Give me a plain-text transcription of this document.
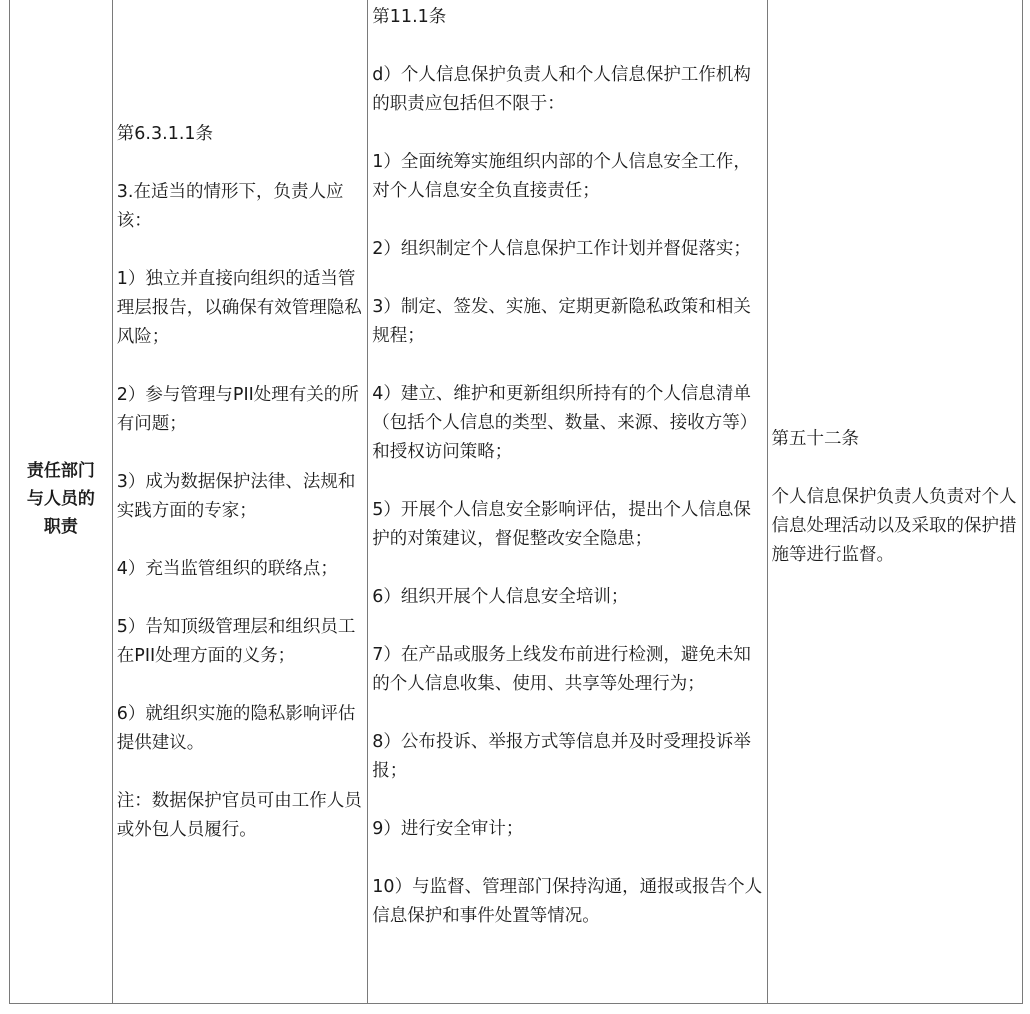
责任部门
与人员的
职责

第6.3.1.1条

3.在适当的情形下，负责人应该：

1）独立并直接向组织的适当管理层报告，以确保有效管理隐私风险；

2）参与管理与PII处理有关的所有问题；

3）成为数据保护法律、法规和实践方面的专家；

4）充当监管组织的联络点；

5）告知顶级管理层和组织员工在PII处理方面的义务；

6）就组织实施的隐私影响评估提供建议。

注：数据保护官员可由工作人员或外包人员履行。

第11.1条

d）个人信息保护负责人和个人信息保护工作机构的职责应包括但不限于：

1）全面统筹实施组织内部的个人信息安全工作，对个人信息安全负直接责任；

2）组织制定个人信息保护工作计划并督促落实；

3）制定、签发、实施、定期更新隐私政策和相关规程；

4）建立、维护和更新组织所持有的个人信息清单（包括个人信息的类型、数量、来源、接收方等）和授权访问策略；

5）开展个人信息安全影响评估，提出个人信息保护的对策建议，督促整改安全隐患；

6）组织开展个人信息安全培训；

7）在产品或服务上线发布前进行检测，避免未知的个人信息收集、使用、共享等处理行为；

8）公布投诉、举报方式等信息并及时受理投诉举报；

9）进行安全审计；

10）与监督、管理部门保持沟通，通报或报告个人信息保护和事件处置等情况。

第五十二条

个人信息保护负责人负责对个人信息处理活动以及采取的保护措施等进行监督。
